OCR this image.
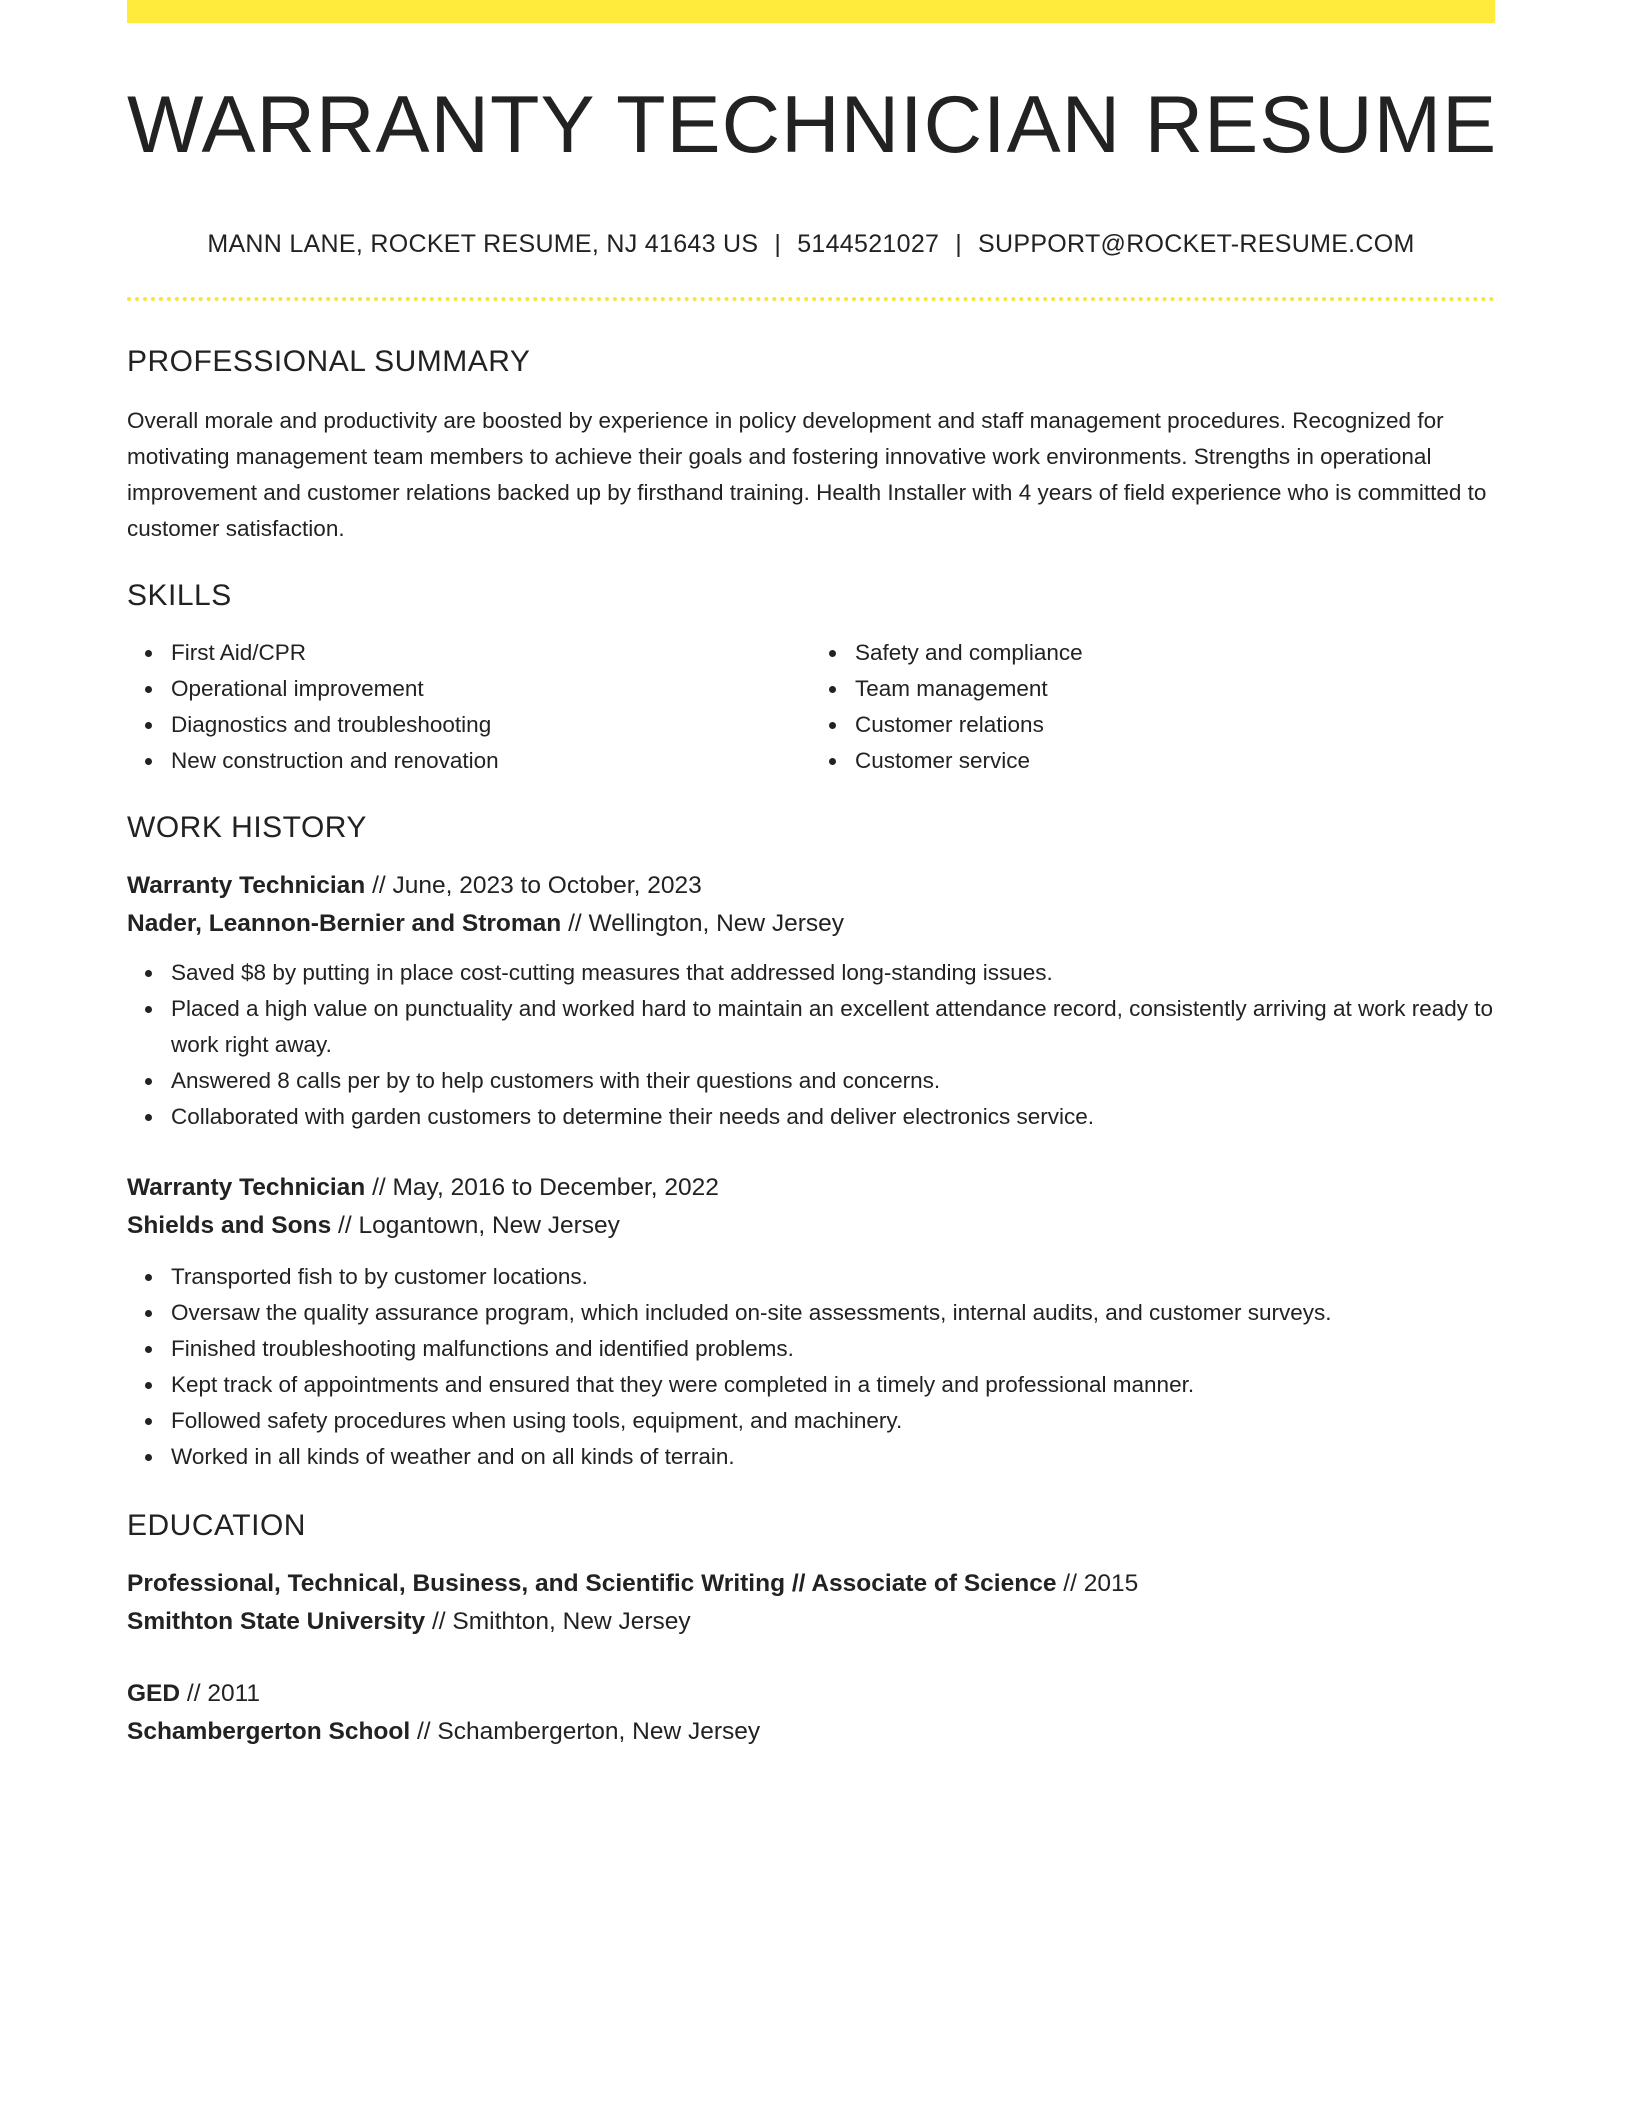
WARRANTY TECHNICIAN RESUME
MANN LANE, ROCKET RESUME, NJ 41643 US | 5144521027 | SUPPORT@ROCKET-RESUME.COM
PROFESSIONAL SUMMARY
Overall morale and productivity are boosted by experience in policy development and staff management procedures. Recognized for motivating management team members to achieve their goals and fostering innovative work environments. Strengths in operational improvement and customer relations backed up by firsthand training. Health Installer with 4 years of field experience who is committed to customer satisfaction.
SKILLS
First Aid/CPR
Operational improvement
Diagnostics and troubleshooting
New construction and renovation
Safety and compliance
Team management
Customer relations
Customer service
WORK HISTORY
Warranty Technician // June, 2023 to October, 2023
Nader, Leannon-Bernier and Stroman // Wellington, New Jersey
Saved $8 by putting in place cost-cutting measures that addressed long-standing issues.
Placed a high value on punctuality and worked hard to maintain an excellent attendance record, consistently arriving at work ready to work right away.
Answered 8 calls per by to help customers with their questions and concerns.
Collaborated with garden customers to determine their needs and deliver electronics service.
Warranty Technician // May, 2016 to December, 2022
Shields and Sons // Logantown, New Jersey
Transported fish to by customer locations.
Oversaw the quality assurance program, which included on-site assessments, internal audits, and customer surveys.
Finished troubleshooting malfunctions and identified problems.
Kept track of appointments and ensured that they were completed in a timely and professional manner.
Followed safety procedures when using tools, equipment, and machinery.
Worked in all kinds of weather and on all kinds of terrain.
EDUCATION
Professional, Technical, Business, and Scientific Writing // Associate of Science // 2015
Smithton State University // Smithton, New Jersey
GED // 2011
Schambergerton School // Schambergerton, New Jersey
